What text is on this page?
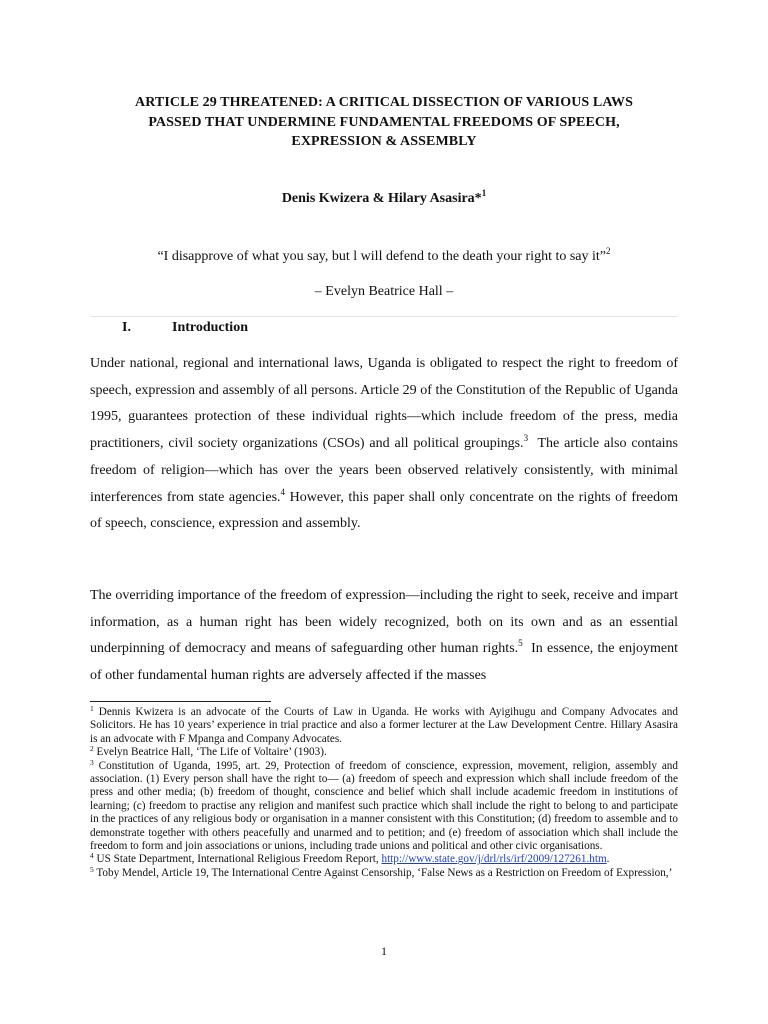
ARTICLE 29 THREATENED: A CRITICAL DISSECTION OF VARIOUS LAWS
PASSED THAT UNDERMINE FUNDAMENTAL FREEDOMS OF SPEECH,
EXPRESSION & ASSEMBLY
Denis Kwizera & Hilary Asasira*$^1$
“I disapprove of what you say, but l will defend to the death your right to say it”$^2$
– Evelyn Beatrice Hall –
I.	Introduction

Under national, regional and international laws, Uganda is obligated to respect the right to freedom of speech, expression and assembly of all persons. Article 29 of the Constitution of the Republic of Uganda 1995, guarantees protection of these individual rights—which include freedom of the press, media practitioners, civil society organizations (CSOs) and all political groupings.$^3$  The article also contains freedom of religion—which has over the years been observed relatively consistently, with minimal interferences from state agencies.$^4$ However, this paper shall only concentrate on the rights of freedom of speech, conscience, expression and assembly.

The overriding importance of the freedom of expression—including the right to seek, receive and impart information, as a human right has been widely recognized, both on its own and as an essential underpinning of democracy and means of safeguarding other human rights.$^5$  In essence, the enjoyment of other fundamental human rights are adversely affected if the masses

$^1$ Dennis Kwizera is an advocate of the Courts of Law in Uganda. He works with Ayigihugu and Company Advocates and Solicitors. He has 10 years’ experience in trial practice and also a former lecturer at the Law Development Centre. Hillary Asasira is an advocate with F Mpanga and Company Advocates.

$^2$ Evelyn Beatrice Hall, ‘The Life of Voltaire’ (1903).

$^3$ Constitution of Uganda, 1995, art. 29, Protection of freedom of conscience, expression, movement, religion, assembly and association. (1) Every person shall have the right to— (a) freedom of speech and expression which shall include freedom of the press and other media; (b) freedom of thought, conscience and belief which shall include academic freedom in institutions of learning; (c) freedom to practise any religion and manifest such practice which shall include the right to belong to and participate in the practices of any religious body or organisation in a manner consistent with this Constitution; (d) freedom to assemble and to demonstrate together with others peacefully and unarmed and to petition; and (e) freedom of association which shall include the freedom to form and join associations or unions, including trade unions and political and other civic organisations.

$^4$ US State Department, International Religious Freedom Report, http://www.state.gov/j/drl/rls/irf/2009/127261.htm.

$^5$ Toby Mendel, Article 19, The International Centre Against Censorship, ‘False News as a Restriction on Freedom of Expression,’

1
